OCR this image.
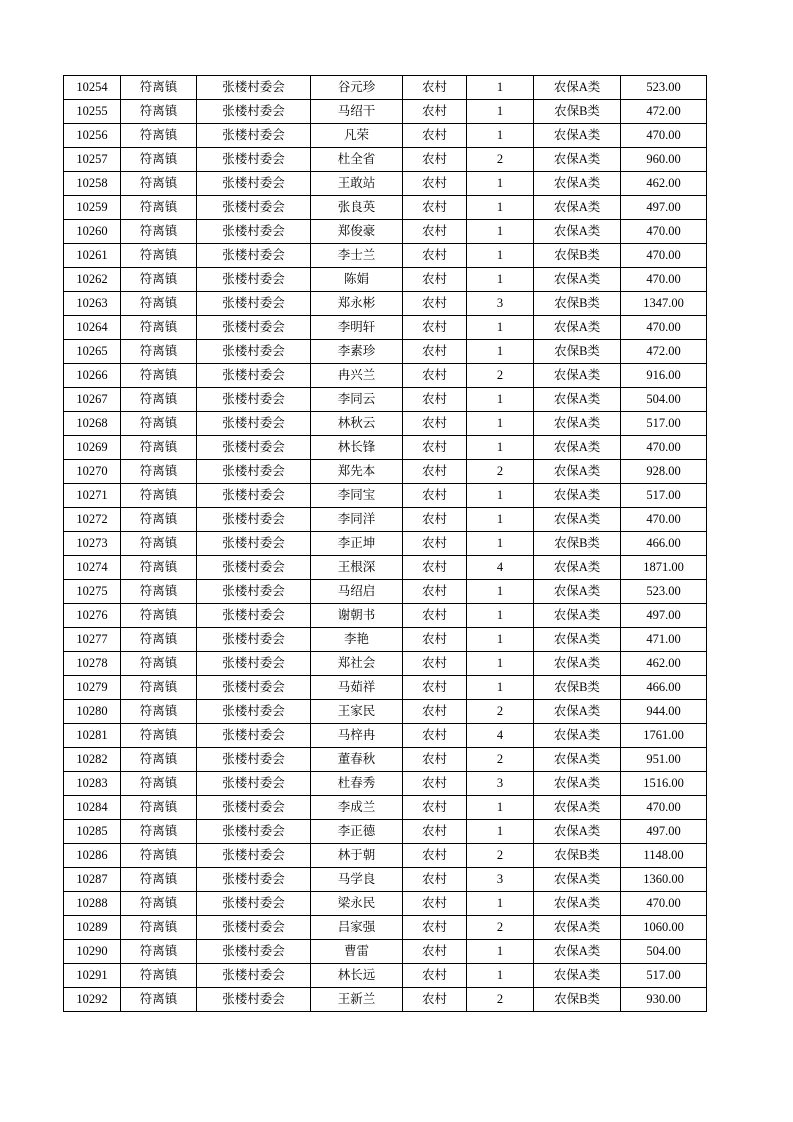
10254	符离镇	张楼村委会	谷元珍	农村	1	农保A类	523.00
10255	符离镇	张楼村委会	马绍干	农村	1	农保B类	472.00
10256	符离镇	张楼村委会	凡荣	农村	1	农保A类	470.00
10257	符离镇	张楼村委会	杜全省	农村	2	农保A类	960.00
10258	符离镇	张楼村委会	王敢站	农村	1	农保A类	462.00
10259	符离镇	张楼村委会	张良英	农村	1	农保A类	497.00
10260	符离镇	张楼村委会	郑俊豪	农村	1	农保A类	470.00
10261	符离镇	张楼村委会	李士兰	农村	1	农保B类	470.00
10262	符离镇	张楼村委会	陈娟	农村	1	农保A类	470.00
10263	符离镇	张楼村委会	郑永彬	农村	3	农保B类	1347.00
10264	符离镇	张楼村委会	李明轩	农村	1	农保A类	470.00
10265	符离镇	张楼村委会	李素珍	农村	1	农保B类	472.00
10266	符离镇	张楼村委会	冉兴兰	农村	2	农保A类	916.00
10267	符离镇	张楼村委会	李同云	农村	1	农保A类	504.00
10268	符离镇	张楼村委会	林秋云	农村	1	农保A类	517.00
10269	符离镇	张楼村委会	林长锋	农村	1	农保A类	470.00
10270	符离镇	张楼村委会	郑先本	农村	2	农保A类	928.00
10271	符离镇	张楼村委会	李同宝	农村	1	农保A类	517.00
10272	符离镇	张楼村委会	李同洋	农村	1	农保A类	470.00
10273	符离镇	张楼村委会	李正坤	农村	1	农保B类	466.00
10274	符离镇	张楼村委会	王根深	农村	4	农保A类	1871.00
10275	符离镇	张楼村委会	马绍启	农村	1	农保A类	523.00
10276	符离镇	张楼村委会	谢朝书	农村	1	农保A类	497.00
10277	符离镇	张楼村委会	李艳	农村	1	农保A类	471.00
10278	符离镇	张楼村委会	郑社会	农村	1	农保A类	462.00
10279	符离镇	张楼村委会	马茹祥	农村	1	农保B类	466.00
10280	符离镇	张楼村委会	王家民	农村	2	农保A类	944.00
10281	符离镇	张楼村委会	马梓冉	农村	4	农保A类	1761.00
10282	符离镇	张楼村委会	董春秋	农村	2	农保A类	951.00
10283	符离镇	张楼村委会	杜春秀	农村	3	农保A类	1516.00
10284	符离镇	张楼村委会	李成兰	农村	1	农保A类	470.00
10285	符离镇	张楼村委会	李正德	农村	1	农保A类	497.00
10286	符离镇	张楼村委会	林于朝	农村	2	农保B类	1148.00
10287	符离镇	张楼村委会	马学良	农村	3	农保A类	1360.00
10288	符离镇	张楼村委会	梁永民	农村	1	农保A类	470.00
10289	符离镇	张楼村委会	吕家强	农村	2	农保A类	1060.00
10290	符离镇	张楼村委会	曹雷	农村	1	农保A类	504.00
10291	符离镇	张楼村委会	林长远	农村	1	农保A类	517.00
10292	符离镇	张楼村委会	王新兰	农村	2	农保B类	930.00
